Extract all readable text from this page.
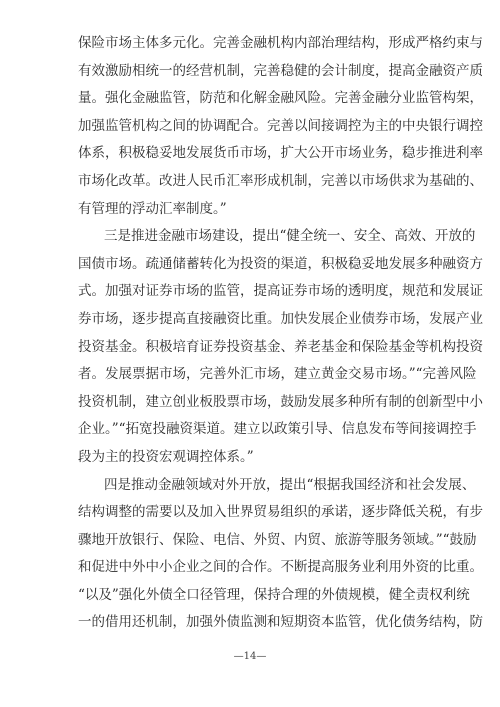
保险市场主体多元化。完善金融机构内部治理结构，形成严格约束与
有效激励相统一的经营机制，完善稳健的会计制度，提高金融资产质
量。强化金融监管，防范和化解金融风险。完善金融分业监管构架，
加强监管机构之间的协调配合。完善以间接调控为主的中央银行调控
体系，积极稳妥地发展货币市场，扩大公开市场业务，稳步推进利率
市场化改革。改进人民币汇率形成机制，完善以市场供求为基础的、
有管理的浮动汇率制度。”
三是推进金融市场建设，提出“健全统一、安全、高效、开放的
国债市场。疏通储蓄转化为投资的渠道，积极稳妥地发展多种融资方
式。加强对证券市场的监管，提高证券市场的透明度，规范和发展证
券市场，逐步提高直接融资比重。加快发展企业债券市场，发展产业
投资基金。积极培育证券投资基金、养老基金和保险基金等机构投资
者。发展票据市场，完善外汇市场，建立黄金交易市场。”“完善风险
投资机制，建立创业板股票市场，鼓励发展多种所有制的创新型中小
企业。”“拓宽投融资渠道。建立以政策引导、信息发布等间接调控手
段为主的投资宏观调控体系。”
四是推动金融领域对外开放，提出“根据我国经济和社会发展、
结构调整的需要以及加入世界贸易组织的承诺，逐步降低关税，有步
骤地开放银行、保险、电信、外贸、内贸、旅游等服务领域。”“鼓励
和促进中外中小企业之间的合作。不断提高服务业利用外资的比重。
“以及”强化外债全口径管理，保持合理的外债规模，健全责权利统
一的借用还机制，加强外债监测和短期资本监管，优化债务结构，防
—14—
